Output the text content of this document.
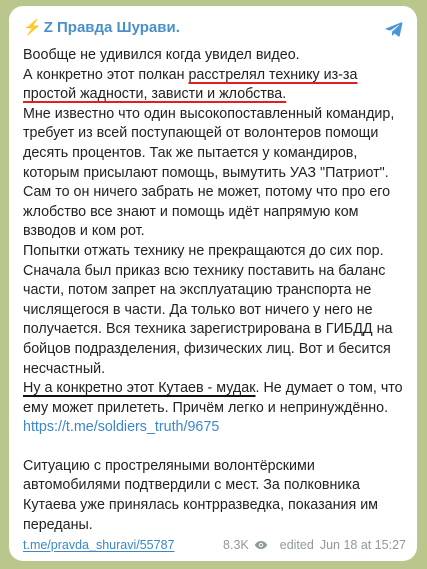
⚡ Z Правда Шурави.

Вообще не удивился когда увидел видео.
А конкретно этот полкан расстрелял технику из-за простой жадности, зависти и жлобства.

Мне известно что один высокопоставленный командир, требует из всей поступающей от волонтеров помощи десять процентов. Так же пытается у командиров, которым присылают помощь, вымутить УАЗ "Патриот". Сам то он ничего забрать не может, потому что про его жлобство все знают и помощь идёт напрямую ком взводов и ком рот.

Попытки отжать технику не прекращаются до сих пор. Сначала был приказ всю технику поставить на баланс части, потом запрет на эксплуатацию транспорта не числящегося в части. Да только вот ничего у него не получается. Вся техника зарегистрирована в ГИБДД на бойцов подразделения, физических лиц. Вот и бесится несчастный.

Ну а конкретно этот Кутаев - мудак. Не думает о том, что ему может прилететь. Причём легко и непринуждённо.

https://t.me/soldiers_truth/9675

Ситуацию с простреляными волонтёрскими автомобилями подтвердили с мест. За полковника Кутаева уже принялась контрразведка, показания им переданы.

t.me/pravda_shuravi/55787	8.3K edited Jun 18 at 15:27
